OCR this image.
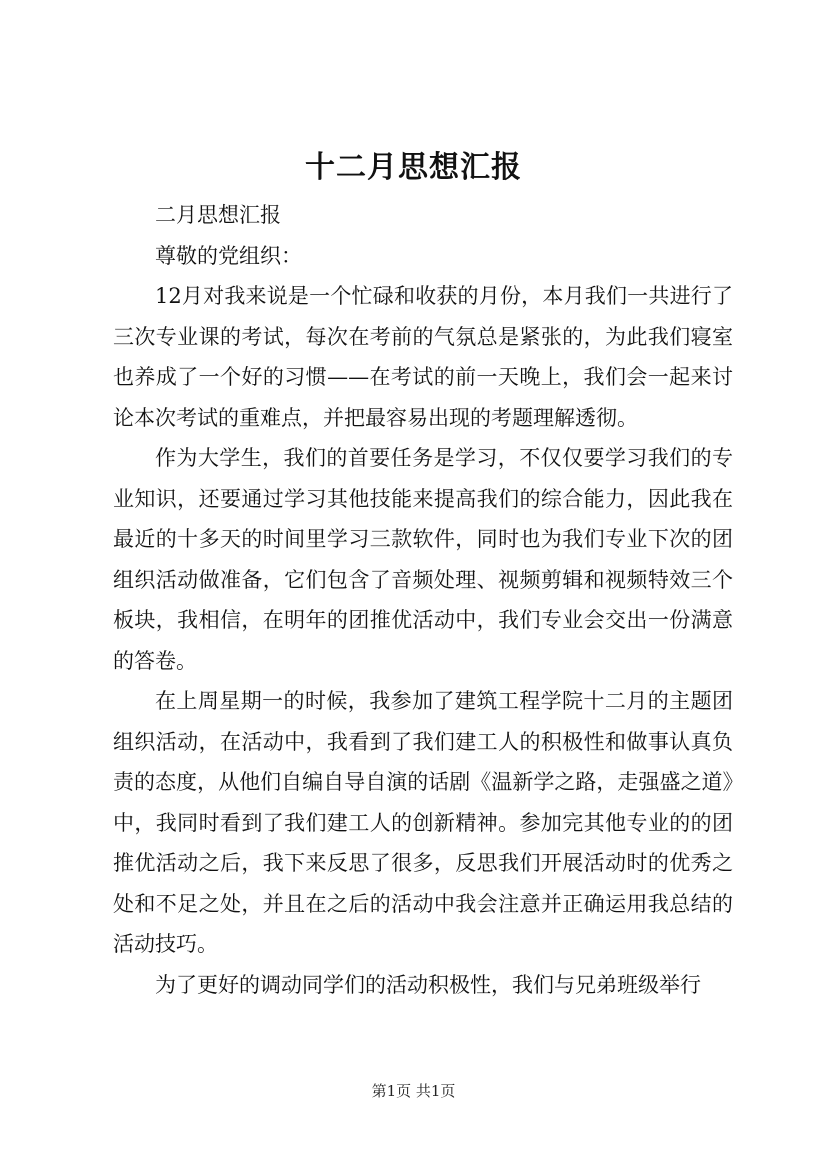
十二月思想汇报

二月思想汇报

尊敬的党组织：

12月对我来说是一个忙碌和收获的月份，本月我们一共进行了三次专业课的考试，每次在考前的气氛总是紧张的，为此我们寝室也养成了一个好的习惯——在考试的前一天晚上，我们会一起来讨论本次考试的重难点，并把最容易出现的考题理解透彻。

作为大学生，我们的首要任务是学习，不仅仅要学习我们的专业知识，还要通过学习其他技能来提高我们的综合能力，因此我在最近的十多天的时间里学习三款软件，同时也为我们专业下次的团组织活动做准备，它们包含了音频处理、视频剪辑和视频特效三个板块，我相信，在明年的团推优活动中，我们专业会交出一份满意的答卷。

在上周星期一的时候，我参加了建筑工程学院十二月的主题团组织活动，在活动中，我看到了我们建工人的积极性和做事认真负责的态度，从他们自编自导自演的话剧《温新学之路，走强盛之道》中，我同时看到了我们建工人的创新精神。参加完其他专业的的团推优活动之后，我下来反思了很多，反思我们开展活动时的优秀之处和不足之处，并且在之后的活动中我会注意并正确运用我总结的活动技巧。

为了更好的调动同学们的活动积极性，我们与兄弟班级举行

第1页 共1页
